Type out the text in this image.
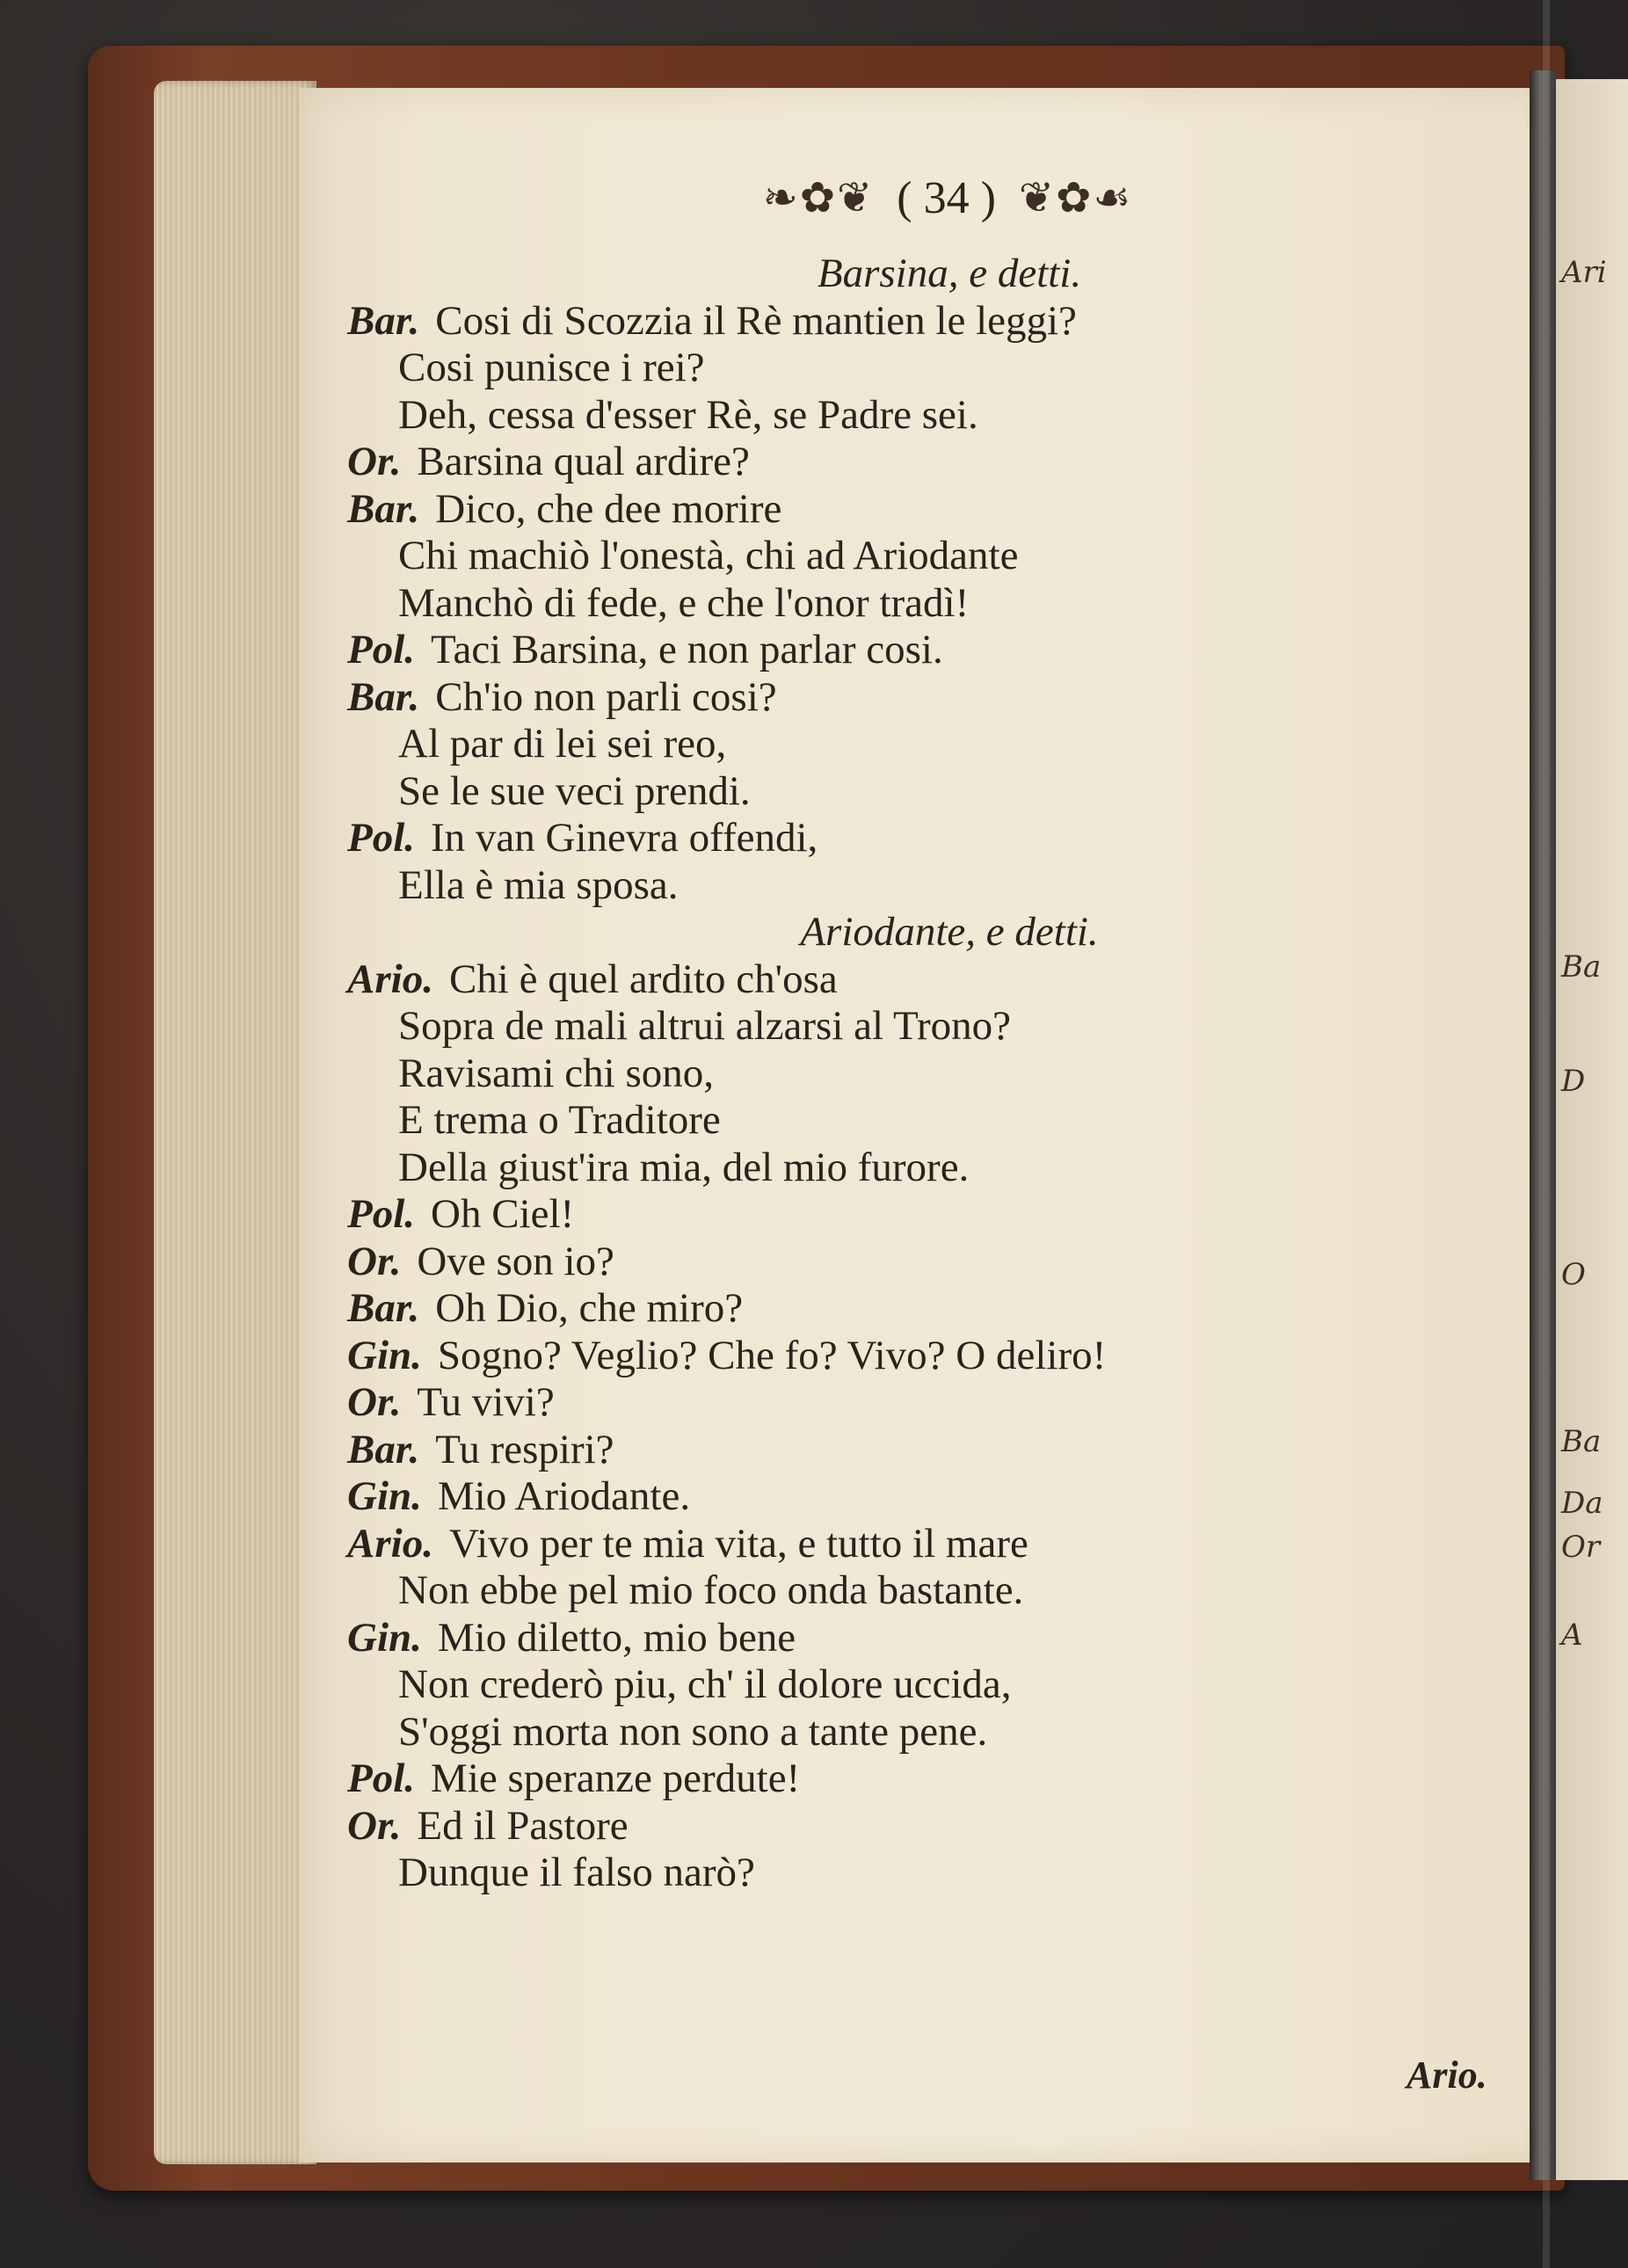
Ari
Ba
D
O
Ba
Da
Or
A
❧✿❦ ( 34 ) ❦✿☙
Barsina, e detti.
Bar. Cosi di Scozzia il Rè mantien le leggi?
Cosi punisce i rei?
Deh, cessa d'esser Rè, se Padre sei.
Or. Barsina qual ardire?
Bar. Dico, che dee morire
Chi machiò l'onestà, chi ad Ariodante
Manchò di fede, e che l'onor tradì!
Pol. Taci Barsina, e non parlar cosi.
Bar. Ch'io non parli cosi?
Al par di lei sei reo,
Se le sue veci prendi.
Pol. In van Ginevra offendi,
Ella è mia sposa.
Ariodante, e detti.
Ario. Chi è quel ardito ch'osa
Sopra de mali altrui alzarsi al Trono?
Ravisami chi sono,
E trema o Traditore
Della giust'ira mia, del mio furore.
Pol. Oh Ciel!
Or. Ove son io?
Bar. Oh Dio, che miro?
Gin. Sogno? Veglio? Che fo? Vivo? O deliro!
Or. Tu vivi?
Bar. Tu respiri?
Gin. Mio Ariodante.
Ario. Vivo per te mia vita, e tutto il mare
Non ebbe pel mio foco onda bastante.
Gin. Mio diletto, mio bene
Non crederò piu, ch' il dolore uccida,
S'oggi morta non sono a tante pene.
Pol. Mie speranze perdute!
Or. Ed il Pastore
Dunque il falso narò?
Ario.
